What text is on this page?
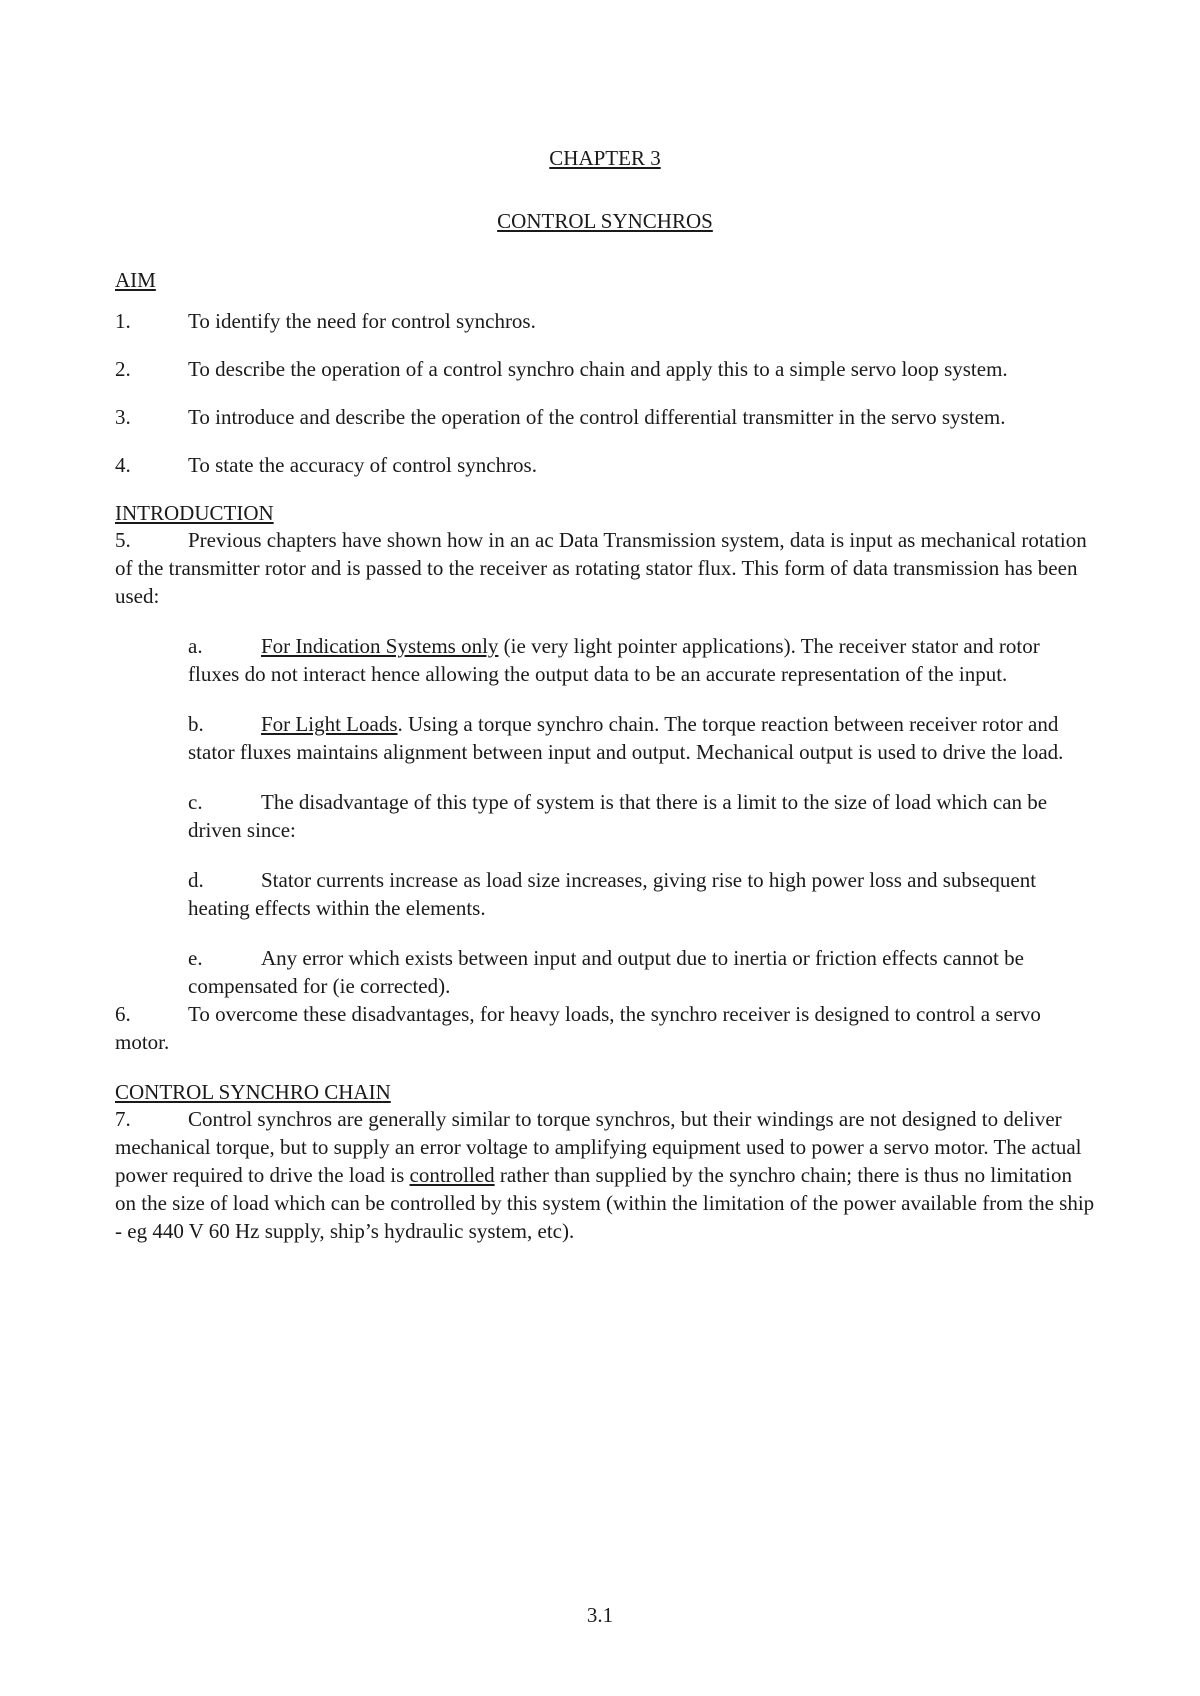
CHAPTER 3

CONTROL SYNCHROS

AIM

1.	To identify the need for control synchros.

2.	To describe the operation of a control synchro chain and apply this to a simple servo loop system.

3.	To introduce and describe the operation of the control differential transmitter in the servo system.

4.	To state the accuracy of control synchros.

INTRODUCTION

5.	Previous chapters have shown how in an ac Data Transmission system, data is input as mechanical rotation of the transmitter rotor and is passed to the receiver as rotating stator flux. This form of data transmission has been used:

a.	For Indication Systems only (ie very light pointer applications). The receiver stator and rotor fluxes do not interact hence allowing the output data to be an accurate representation of the input.

b.	For Light Loads. Using a torque synchro chain. The torque reaction between receiver rotor and stator fluxes maintains alignment between input and output. Mechanical output is used to drive the load.

c.	The disadvantage of this type of system is that there is a limit to the size of load which can be driven since:

d.	Stator currents increase as load size increases, giving rise to high power loss and subsequent heating effects within the elements.

e.	Any error which exists between input and output due to inertia or friction effects cannot be compensated for (ie corrected).

6.	To overcome these disadvantages, for heavy loads, the synchro receiver is designed to control a servo motor.

CONTROL SYNCHRO CHAIN

7.	Control synchros are generally similar to torque synchros, but their windings are not designed to deliver mechanical torque, but to supply an error voltage to amplifying equipment used to power a servo motor. The actual power required to drive the load is controlled rather than supplied by the synchro chain; there is thus no limitation on the size of load which can be controlled by this system (within the limitation of the power available from the ship - eg 440 V 60 Hz supply, ship’s hydraulic system, etc).

3.1
